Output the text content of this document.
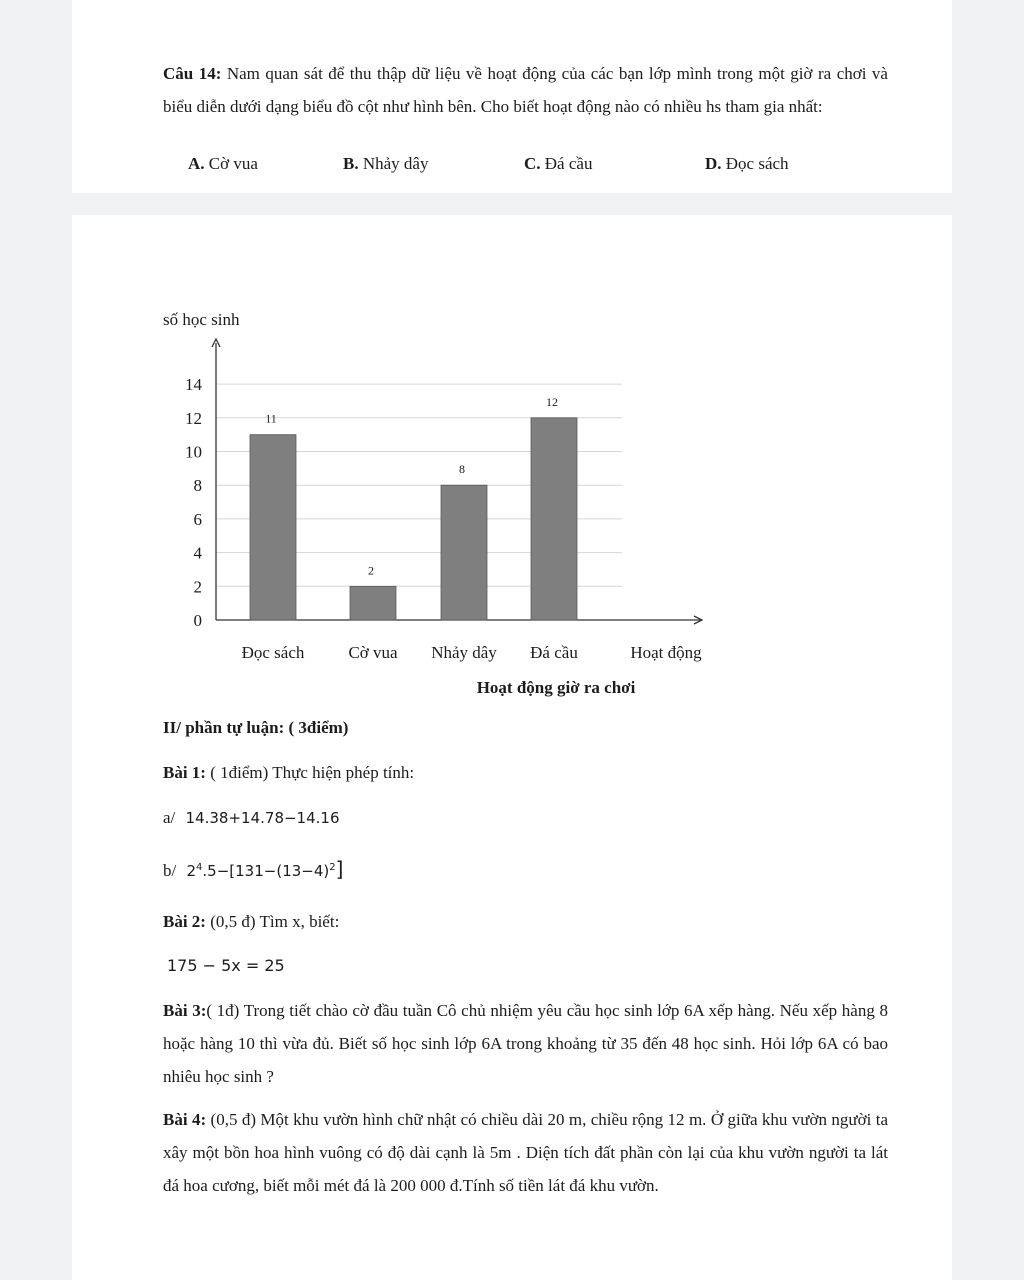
Câu 14: Nam quan sát để thu thập dữ liệu về hoạt động của các bạn lớp mình trong một giờ ra chơi và biểu diễn dưới dạng biểu đồ cột như hình bên. Cho biết hoạt động nào có nhiều hs tham gia nhất:
A. Cờ vua	B. Nhảy dây	C. Đá cầu	D. Đọc sách
số học sinh
0
2
4
6
8
10
12
14
11
Đọc sách
2
Cờ vua
8
Nhảy dây
12
Đá cầu	Hoạt động
Hoạt động giờ ra chơi
II/ phần tự luận: ( 3điểm)
Bài 1: ( 1điểm) Thực hiện phép tính:
a/ 14.38+14.78−14.16
b/ $2^4.5-[131-(13-4)^2]$
Bài 2: (0,5 đ) Tìm x, biết:
175 − 5x = 25
Bài 3:( 1đ) Trong tiết chào cờ đầu tuần Cô chủ nhiệm yêu cầu học sinh lớp 6A xếp hàng. Nếu xếp hàng 8 hoặc hàng 10 thì vừa đủ. Biết số học sinh lớp 6A trong khoảng từ 35 đến 48 học sinh. Hỏi lớp 6A có bao nhiêu học sinh ?
Bài 4: (0,5 đ) Một khu vườn hình chữ nhật có chiều dài 20 m, chiều rộng 12 m. Ở giữa khu vườn người ta xây một bồn hoa hình vuông có độ dài cạnh là 5m . Diện tích đất phần còn lại của khu vườn người ta lát đá hoa cương, biết mỗi mét đá là 200 000 đ.Tính số tiền lát đá khu vườn.
